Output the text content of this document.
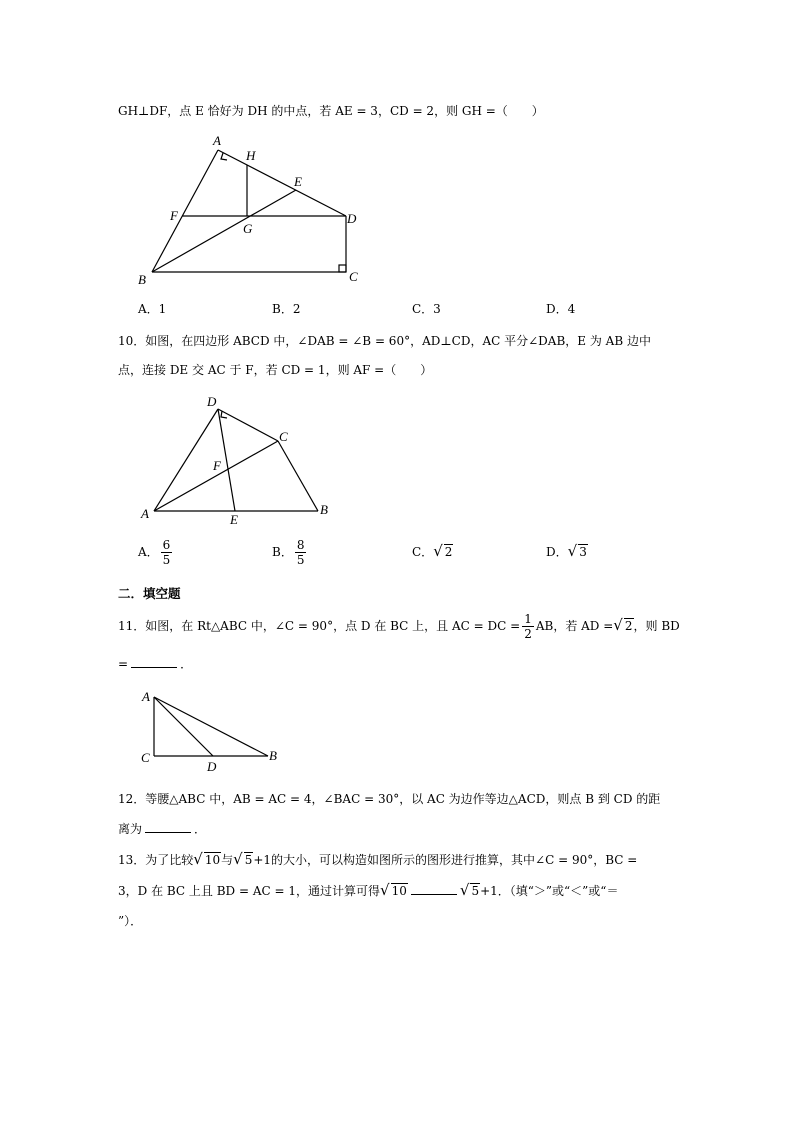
GH⊥DF，点 E 恰好为 DH 的中点，若 AE = 3，CD = 2，则 GH =（　　）
A
H
E
F	D
G
B	C
A．1	B．2	C．3	D．4
10．如图，在四边形 ABCD 中，∠DAB = ∠B = 60°，AD⊥CD，AC 平分∠DAB，E 为 AB 边中
点，连接 DE 交 AC 于 F，若 CD = 1，则 AF =（　　）
D
C
F
A	E
B
A． $\frac{6}{5}$	B． $\frac{8}{5}$	C．√ 2	D．√ 3
二．填空题
11．如图，在 Rt△ABC 中，∠C = 90°，点 D 在 BC 上，且 AC = DC = $\frac{1}{2}$ AB，若 AD =√ 2，则 BD
=	．
A
C
D
B
12．等腰△ABC 中，AB = AC = 4，∠BAC = 30°，以 AC 为边作等边△ACD，则点 B 到 CD 的距
离为	．
13．为了比较√ 10与√ 5+1的大小，可以构造如图所示的图形进行推算，其中∠C = 90°，BC =
3，D 在 BC 上且 BD = AC = 1，通过计算可得√ 10	√ 5+1．（填“＞”或“＜”或“＝
”）．
